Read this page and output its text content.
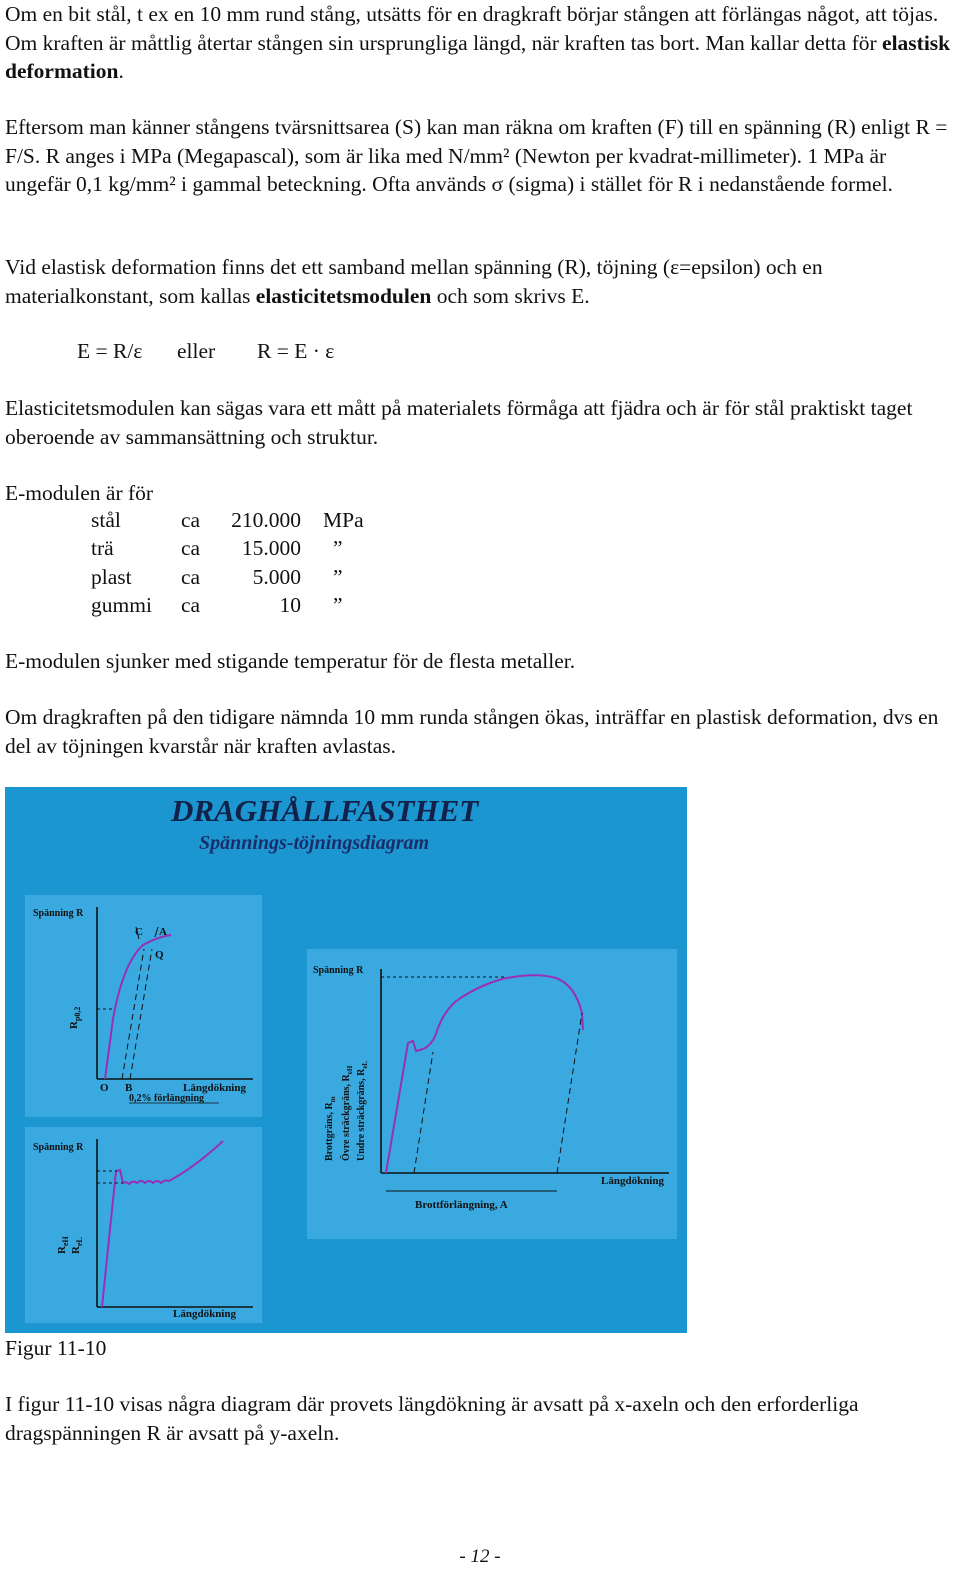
Om en bit stål, t ex en 10 mm rund stång, utsätts för en dragkraft börjar stången att förlängas något, att töjas. Om kraften är måttlig återtar stången sin ursprungliga längd, när kraften tas bort. Man kallar detta för elastisk deformation.

Eftersom man känner stångens tvärsnittsarea (S) kan man räkna om kraften (F) till en spänning (R) enligt R = F/S. R anges i MPa (Megapascal), som är lika med N/mm² (Newton per kvadrat-millimeter). 1 MPa är ungefär 0,1 kg/mm² i gammal beteckning. Ofta används σ (sigma) i stället för R i nedanstående formel.

Vid elastisk deformation finns det ett samband mellan spänning (R), töjning (ε=epsilon) och en materialkonstant, som kallas elasticitetsmodulen och som skrivs E.

E = R/ε eller R = E · ε

Elasticitetsmodulen kan sägas vara ett mått på materialets förmåga att fjädra och är för stål praktiskt taget oberoende av sammansättning och struktur.

E-modulen är för

stål	ca	210.000	MPa
trä	ca	15.000	”
plast	ca	5.000	”
gummi	ca	10	”

E-modulen sjunker med stigande temperatur för de flesta metaller.

Om dragkraften på den tidigare nämnda 10 mm runda stången ökas, inträffar en plastisk deformation, dvs en del av töjningen kvarstår när kraften avlastas.

DRAGHÅLLFASTHET
Spännings-töjningsdiagram
Spänning R
C A
Q
$R_{p0,2}$
O B	Längdökning
0,2% förlängning
Spänning R
$R_{eH}$
$R_{eL}$
Längdökning
Spänning R
Brottgräns, $R_m$ Övre sträckgräns, $R_{eH}$ Undre sträckgräns, $R_{eL}$
Längdökning
Brottförlängning, A

Figur 11-10

I figur 11-10 visas några diagram där provets längdökning är avsatt på x-axeln och den erforderliga dragspänningen R är avsatt på y-axeln.

- 12 -
